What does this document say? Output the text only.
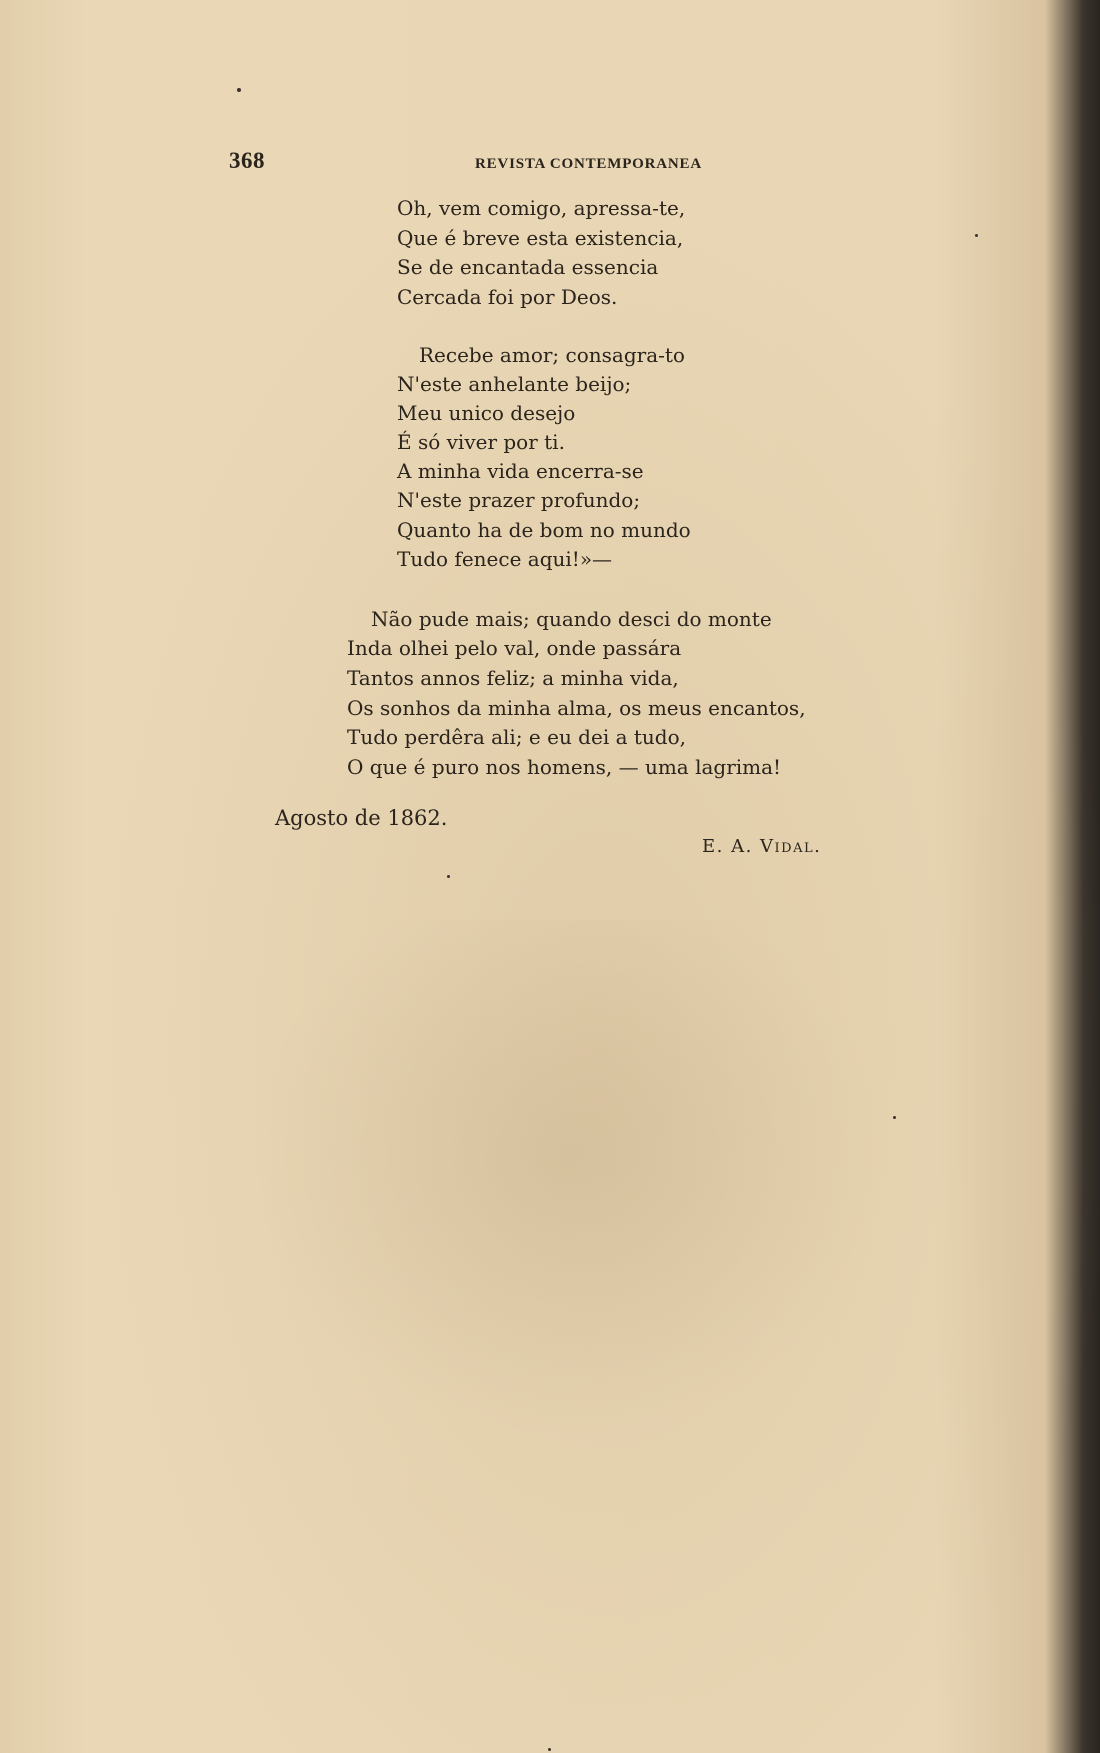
368	REVISTA CONTEMPORANEA
Oh, vem comigo, apressa-te,
Que é breve esta existencia,
Se de encantada essencia
Cercada foi por Deos.
Recebe amor; consagra-to
N'este anhelante beijo;
Meu unico desejo
É só viver por ti.
A minha vida encerra-se
N'este prazer profundo;
Quanto ha de bom no mundo
Tudo fenece aqui!»—
Não pude mais; quando desci do monte
Inda olhei pelo val, onde passára
Tantos annos feliz; a minha vida,
Os sonhos da minha alma, os meus encantos,
Tudo perdêra ali; e eu dei a tudo,
O que é puro nos homens, — uma lagrima!
Agosto de 1862.
E. A. Vidal.
